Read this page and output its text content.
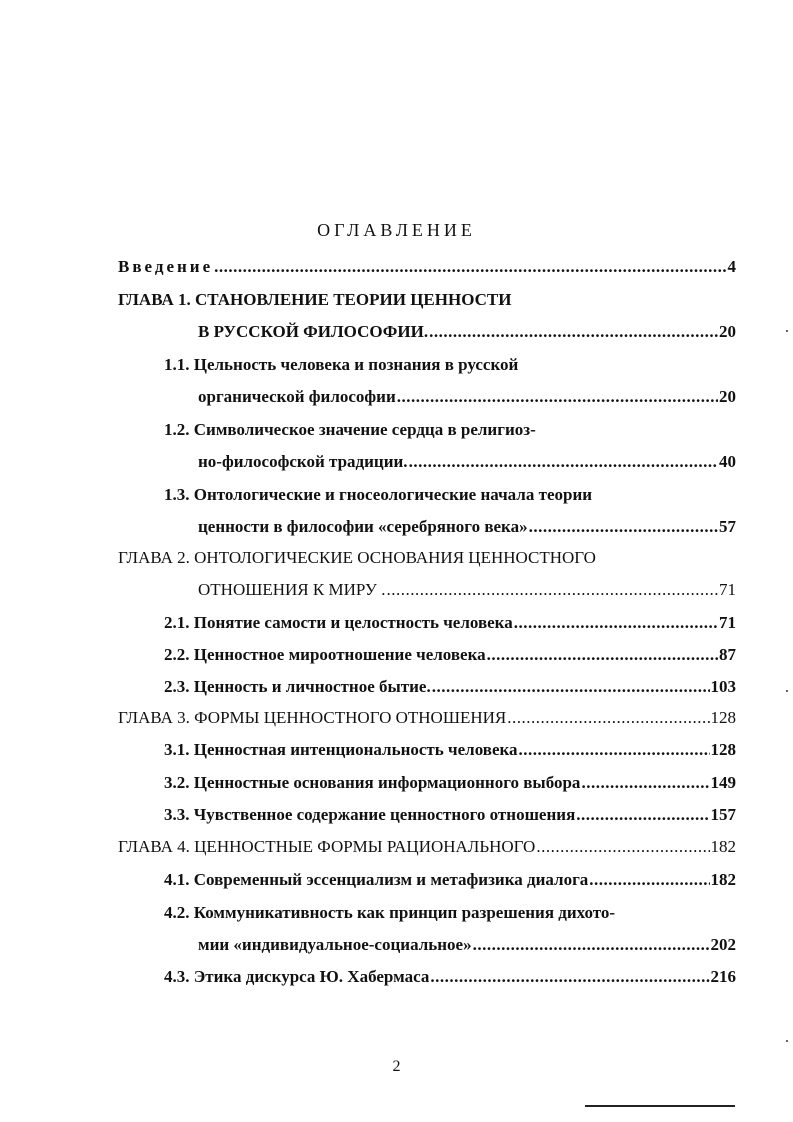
ОГЛАВЛЕНИЕ
Введение .....	4
ГЛАВА 1. СТАНОВЛЕНИЕ ТЕОРИИ ЦЕННОСТИ
В РУССКОЙ ФИЛОСОФИИ. .....	20
1.1. Цельность человека и познания в русской
органической философии .....	20
1.2. Символическое значение сердца в религиоз-
но-философской традиции. .....	40
1.3. Онтологические и гносеологические начала теории
ценности в философии «серебряного века» .....	57
ГЛАВА 2. ОНТОЛОГИЧЕСКИЕ ОСНОВАНИЯ ЦЕННОСТНОГО
ОТНОШЕНИЯ К МИРУ . .....	71
2.1. Понятие самости и целостность человека .....	71
2.2. Ценностное мироотношение человека .....	87
2.3. Ценность и личностное бытие. .....	103
ГЛАВА 3. ФОРМЫ ЦЕННОСТНОГО ОТНОШЕНИЯ .....	128
3.1. Ценностная интенциональность человека .....	128
3.2. Ценностные основания информационного выбора .....	149
3.3. Чувственное содержание ценностного отношения .....	157
ГЛАВА 4. ЦЕННОСТНЫЕ ФОРМЫ РАЦИОНАЛЬНОГО .....	182
4.1. Современный эссенциализм и метафизика диалога .....	182
4.2. Коммуникативность как принцип разрешения дихото-
мии «индивидуальное-социальное» .....	202
4.3. Этика дискурса Ю. Хабермаса .....	216
2
